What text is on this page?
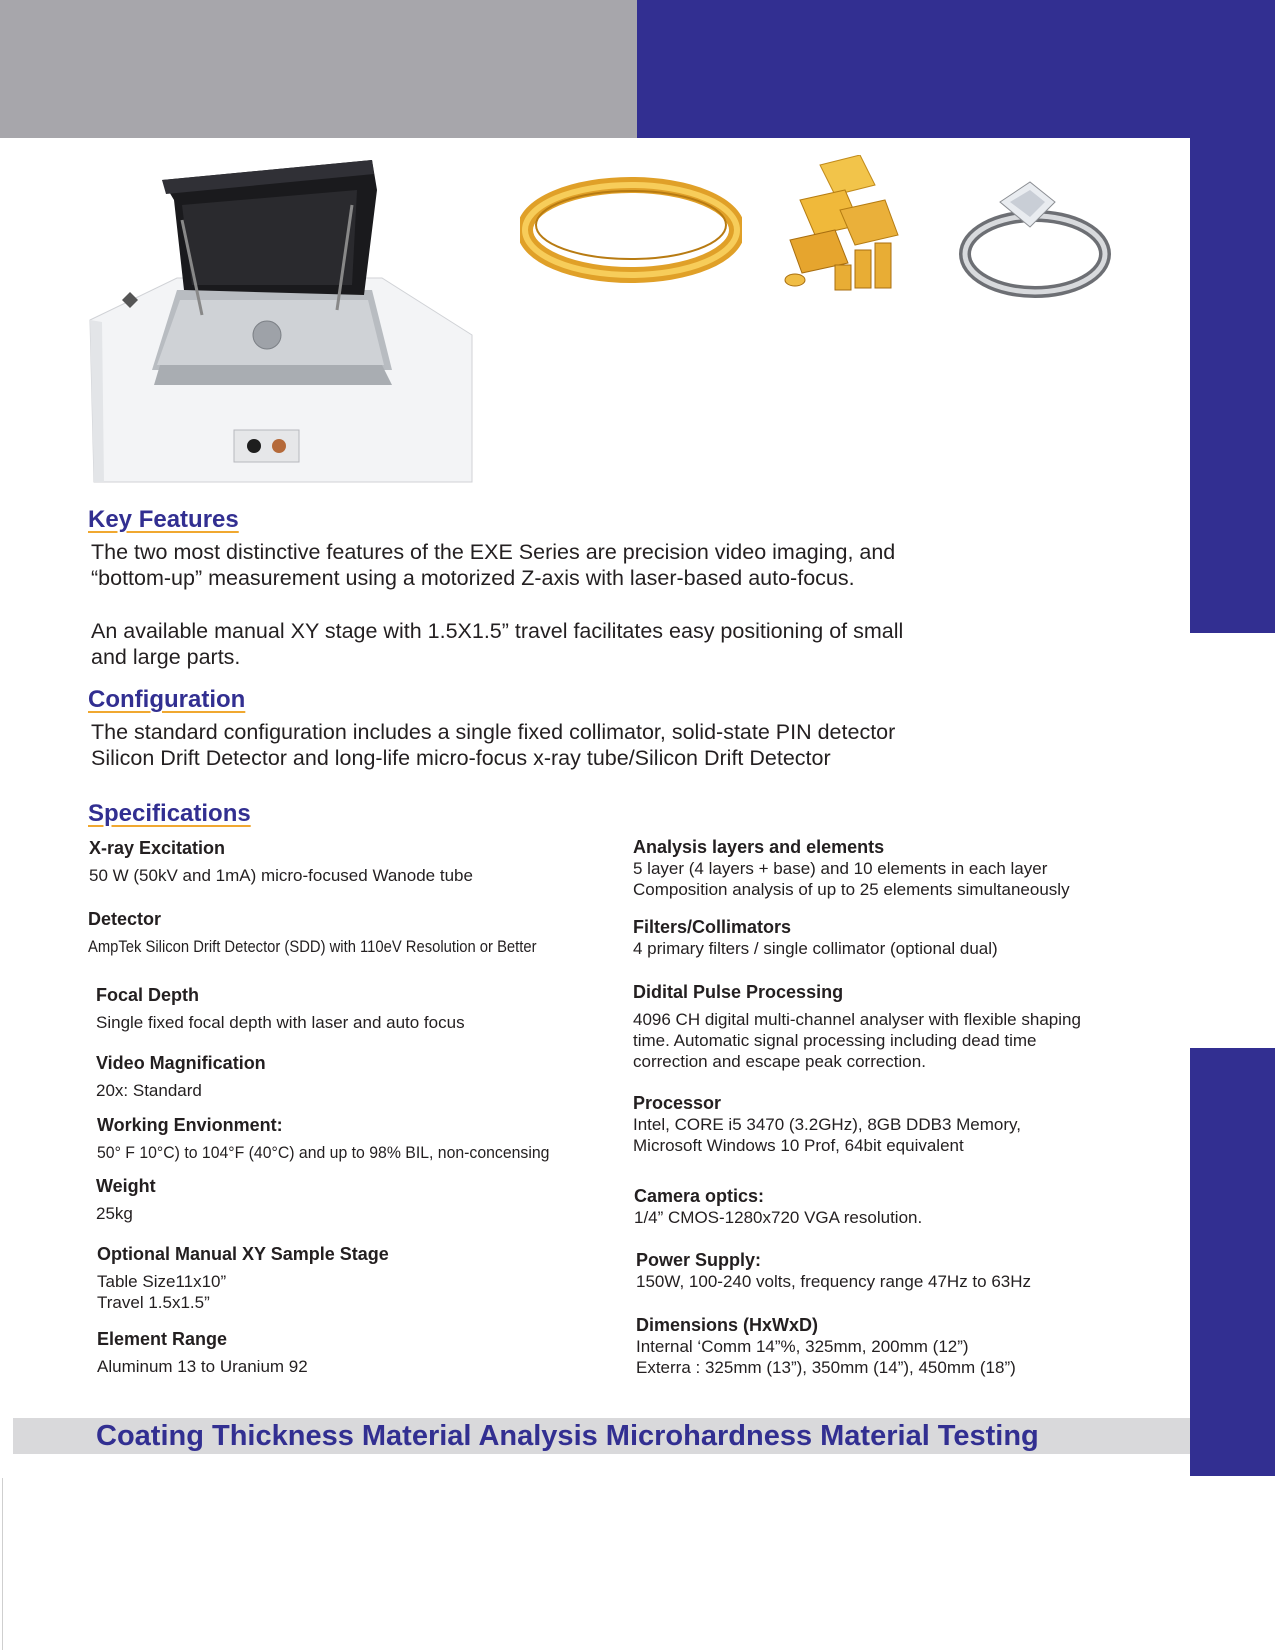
Key Features

The two most distinctive features of the EXE Series are precision video imaging, and
“bottom-up” measurement using a motorized Z-axis with laser-based auto-focus.

An available manual XY stage with 1.5X1.5” travel facilitates easy positioning of small
and large parts.

Configuration

The standard configuration includes a single fixed collimator, solid-state PIN detector
Silicon Drift Detector and long-life micro-focus x-ray tube/Silicon Drift Detector

Specifications
X-ray Excitation
50 W (50kV and 1mA) micro-focused Wanode tube
Detector
AmpTek Silicon Drift Detector (SDD) with 110eV Resolution or Better
Focal Depth
Single fixed focal depth with laser and auto focus
Video Magnification
20x: Standard
Working Envionment:
50° F 10°C) to 104°F (40°C) and up to 98% BIL, non-concensing
Weight
25kg
Optional Manual XY Sample Stage
Table Size11x10”
Travel 1.5x1.5”
Element Range
Aluminum 13 to Uranium 92
Analysis layers and elements
5 layer (4 layers + base) and 10 elements in each layer
Composition analysis of up to 25 elements simultaneously
Filters/Collimators
4 primary filters / single collimator (optional dual)
Didital Pulse Processing
4096 CH digital multi-channel analyser with flexible shaping
time. Automatic signal processing including dead time
correction and escape peak correction.
Processor
Intel, CORE i5 3470 (3.2GHz), 8GB DDB3 Memory,
Microsoft Windows 10 Prof, 64bit equivalent
Camera optics:
1/4” CMOS-1280x720 VGA resolution.
Power Supply:
150W, 100-240 volts, frequency range 47Hz to 63Hz
Dimensions (HxWxD)
Internal ‘Comm 14”%, 325mm, 200mm (12”)
Exterra : 325mm (13”), 350mm (14”), 450mm (18”)
Coating Thickness Material Analysis Microhardness Material Testing
